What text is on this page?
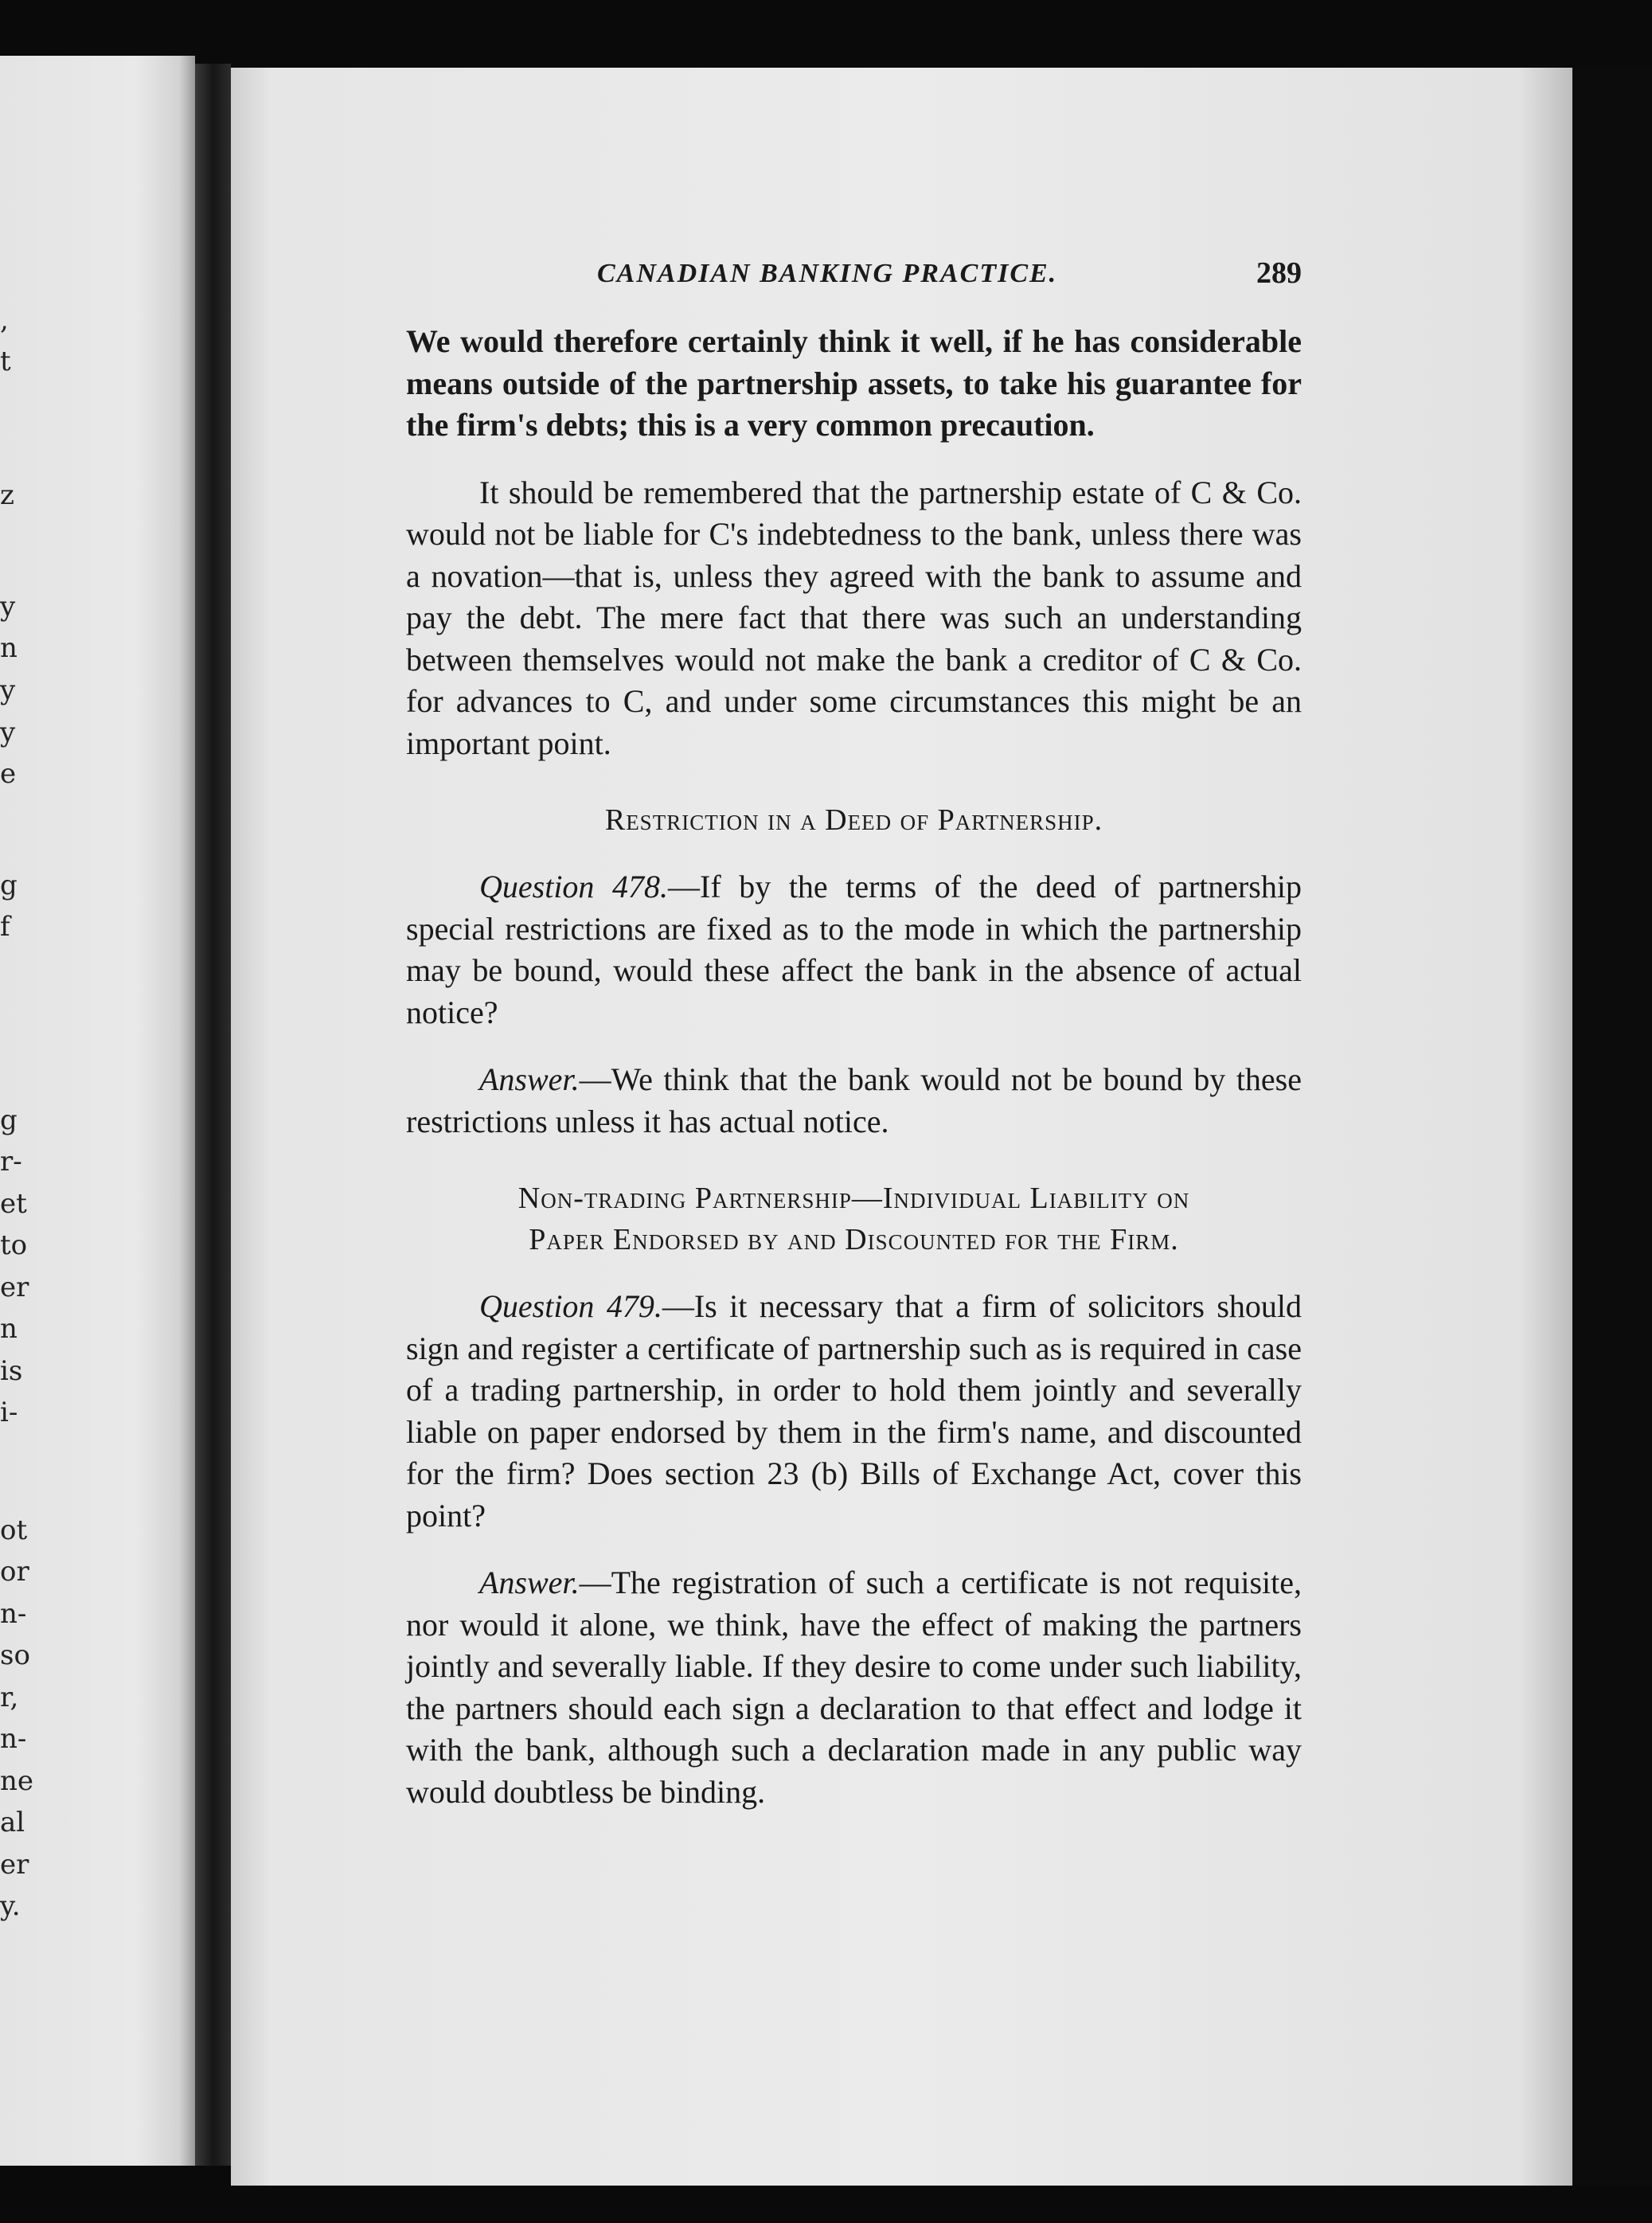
,
t
z
y
n
y
y
e
g
f
g
r-
et
to
er
n
is
i-
ot
or
n-
so
r,
n-
ne
al
er
y.
CANADIAN BANKING PRACTICE.	289

We would therefore certainly think it well, if he has considerable means outside of the partnership assets, to take his guarantee for the firm's debts; this is a very common precaution.

It should be remembered that the partnership estate of C & Co. would not be liable for C's indebtedness to the bank, unless there was a novation—that is, unless they agreed with the bank to assume and pay the debt. The mere fact that there was such an understanding between themselves would not make the bank a creditor of C & Co. for advances to C, and under some circumstances this might be an important point.

Restriction in a Deed of Partnership.

Question 478.—If by the terms of the deed of partnership special restrictions are fixed as to the mode in which the partnership may be bound, would these affect the bank in the absence of actual notice?

Answer.—We think that the bank would not be bound by these restrictions unless it has actual notice.

Non-trading Partnership—Individual Liability on

Paper Endorsed by and Discounted for the Firm.

Question 479.—Is it necessary that a firm of solicitors should sign and register a certificate of partnership such as is required in case of a trading partnership, in order to hold them jointly and severally liable on paper endorsed by them in the firm's name, and discounted for the firm? Does section 23 (b) Bills of Exchange Act, cover this point?

Answer.—The registration of such a certificate is not requisite, nor would it alone, we think, have the effect of making the partners jointly and severally liable. If they desire to come under such liability, the partners should each sign a declaration to that effect and lodge it with the bank, although such a declaration made in any public way would doubtless be binding.
